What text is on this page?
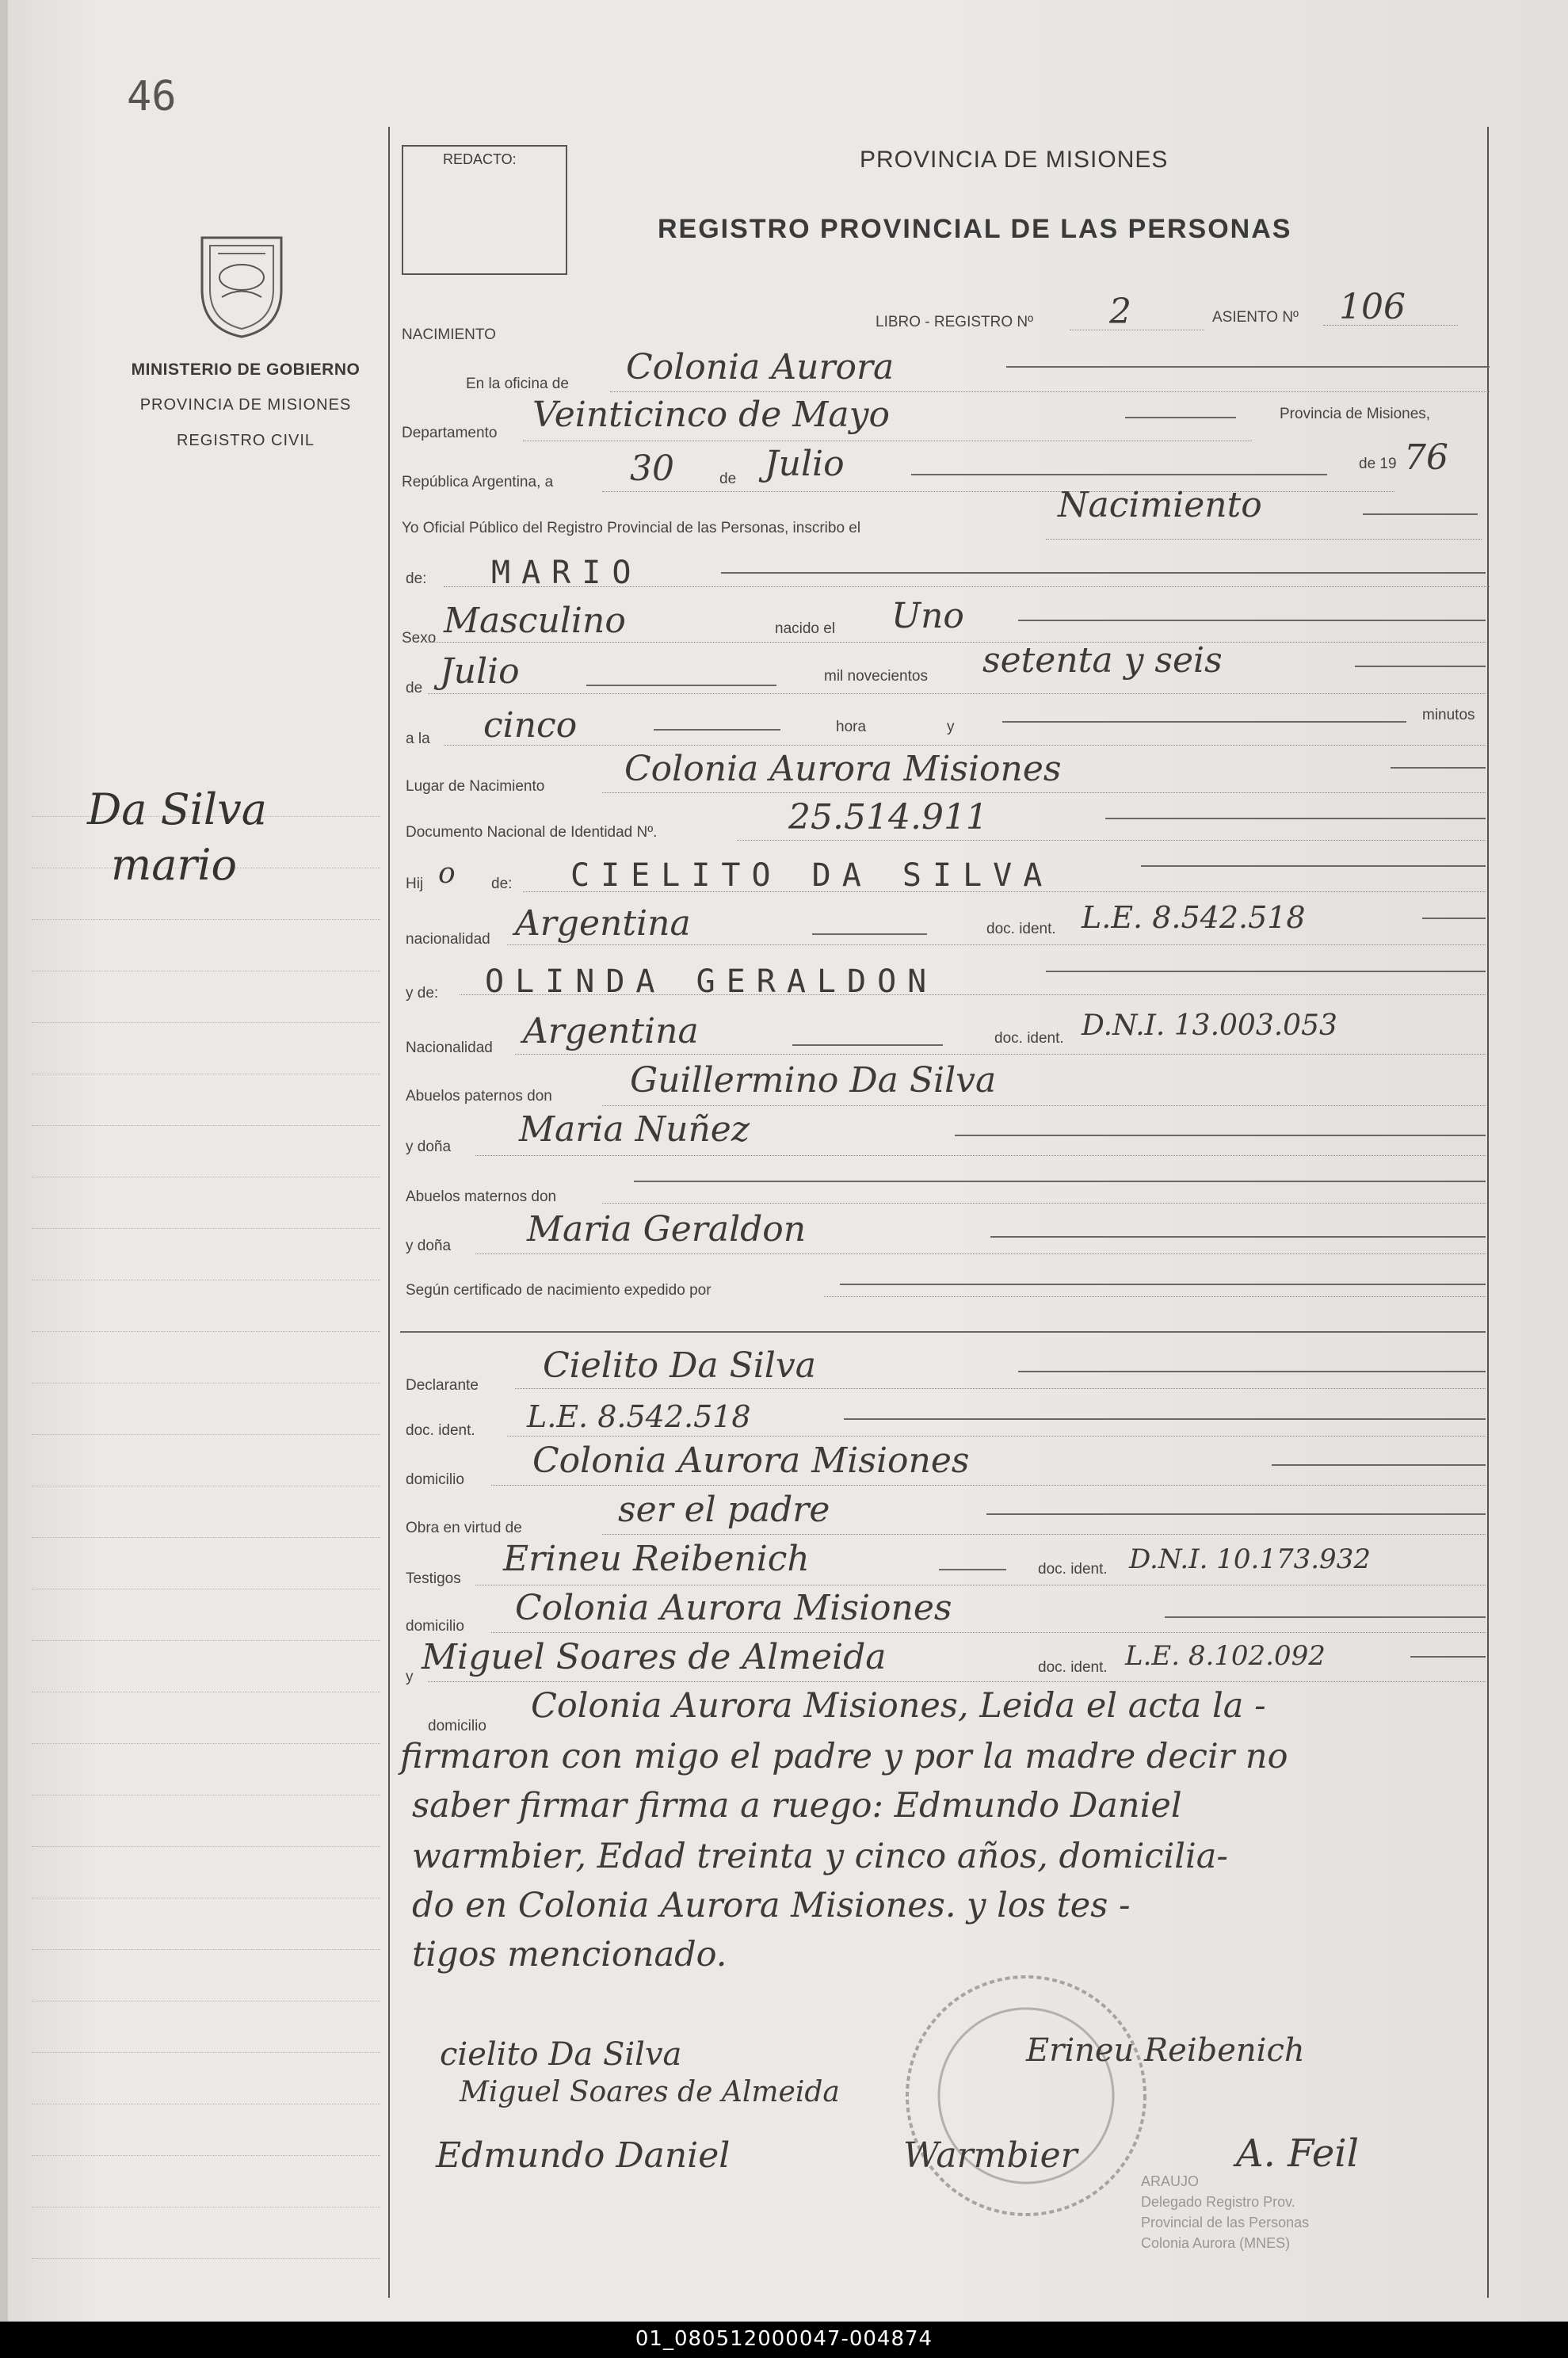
46
MINISTERIO DE GOBIERNO
PROVINCIA DE MISIONES
REGISTRO CIVIL
Da Silva
mario
REDACTO:	PROVINCIA DE MISIONES
REGISTRO PROVINCIAL DE LAS PERSONAS
NACIMIENTO
LIBRO - REGISTRO Nº 2	ASIENTO Nº 106
En la oficina de Colonia Aurora
Departamento Veinticinco de Mayo	Provincia de Misiones,
República Argentina, a 30	de Julio	de 19 76
Yo Oficial Público del Registro Provincial de las Personas, inscribo el
Nacimiento
de: MARIO
Sexo Masculino	nacido el Uno
de Julio	mil novecientos setenta y seis
a la cinco	hora	y
minutos
Lugar de Nacimiento Colonia Aurora Misiones
Documento Nacional de Identidad Nº.	25.514.911
Hij o de: CIELITO DA SILVA
nacionalidad Argentina	doc. ident. L.E. 8.542.518
y de: OLINDA GERALDON
Nacionalidad Argentina	doc. ident. D.N.I. 13.003.053
Abuelos paternos don Guillermino Da Silva
y doña Maria Nuñez
Abuelos maternos don
y doña Maria Geraldon
Según certificado de nacimiento expedido por
Declarante Cielito Da Silva
doc. ident. L.E. 8.542.518
domicilio Colonia Aurora Misiones
Obra en virtud de	ser el padre
Testigos Erineu Reibenich	doc. ident. D.N.I. 10.173.932
domicilio Colonia Aurora Misiones
y Miguel Soares de Almeida	doc. ident. L.E. 8.102.092
domicilio
Colonia Aurora Misiones, Leida el acta la -
firmaron con migo el padre y por la madre decir no
saber firmar firma a ruego: Edmundo Daniel
warmbier, Edad treinta y cinco años, domicilia-
do en Colonia Aurora Misiones. y los tes -
tigos mencionado.
ARAUJO
Delegado Registro Prov.
Provincial de las Personas
Colonia Aurora (MNES)
cielito Da Silva	Erineu Reibenich
Miguel Soares de Almeida
Edmundo Daniel	Warmbier	A. Feil
01_080512000047-004874
